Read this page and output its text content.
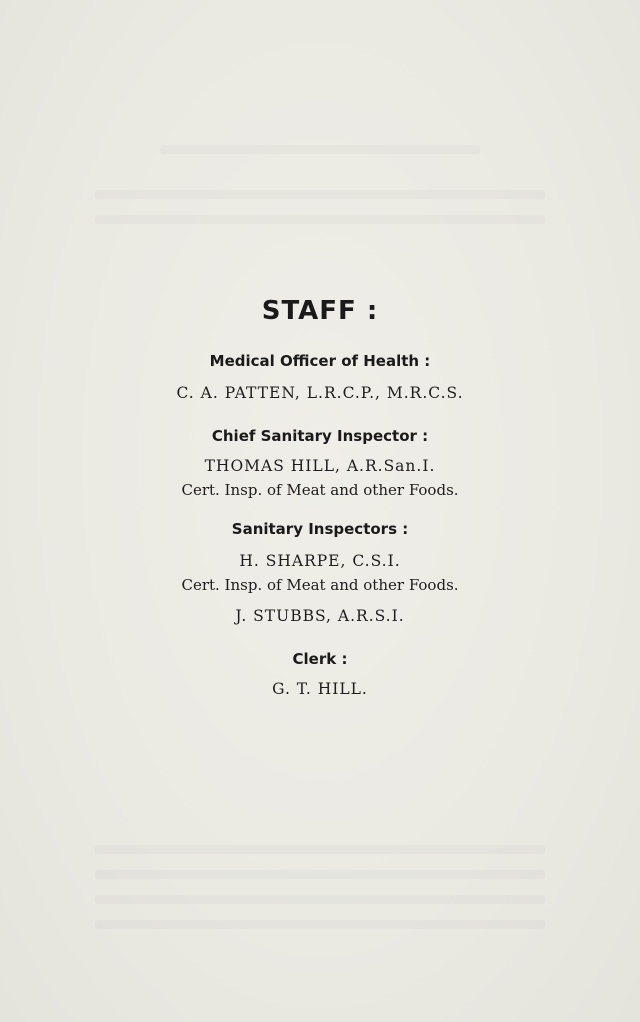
STAFF :
Medical Officer of Health :
C. A. PATTEN, L.R.C.P., M.R.C.S.
Chief Sanitary Inspector :
THOMAS HILL, A.R.San.I.
Cert. Insp. of Meat and other Foods.
Sanitary Inspectors :
H. SHARPE, C.S.I.
Cert. Insp. of Meat and other Foods.
J. STUBBS, A.R.S.I.
Clerk :
G. T. HILL.
